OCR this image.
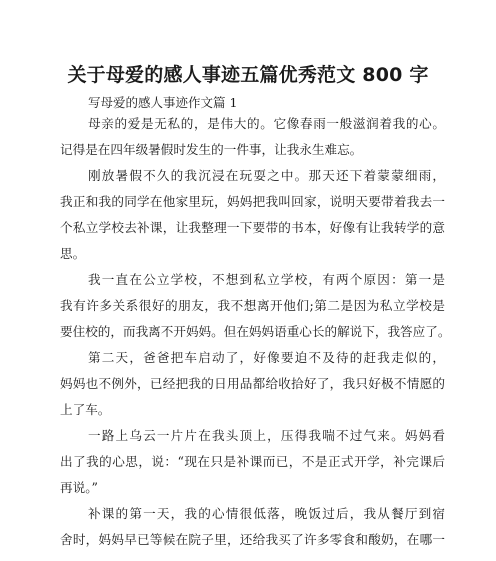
关于母爱的感人事迹五篇优秀范文 800 字

写母爱的感人事迹作文篇 1

母亲的爱是无私的，是伟大的。它像春雨一般滋润着我的心。
记得是在四年级暑假时发生的一件事，让我永生难忘。

刚放暑假不久的我沉浸在玩耍之中。那天还下着蒙蒙细雨，
我正和我的同学在他家里玩，妈妈把我叫回家，说明天要带着我去一
个私立学校去补课，让我整理一下要带的书本，好像有让我转学的意
思。

我一直在公立学校，不想到私立学校，有两个原因：第一是
我有许多关系很好的朋友，我不想离开他们;第二是因为私立学校是
要住校的，而我离不开妈妈。但在妈妈语重心长的解说下，我答应了。

第二天，爸爸把车启动了，好像要迫不及待的赶我走似的，
妈妈也不例外，已经把我的日用品都给收拾好了，我只好极不情愿的
上了车。

一路上乌云一片片在我头顶上，压得我喘不过气来。妈妈看
出了我的心思，说：“现在只是补课而已，不是正式开学，补完课后
再说。”

补课的第一天，我的心情很低落，晚饭过后，我从餐厅到宿
舍时，妈妈早已等候在院子里，还给我买了许多零食和酸奶，在哪一
